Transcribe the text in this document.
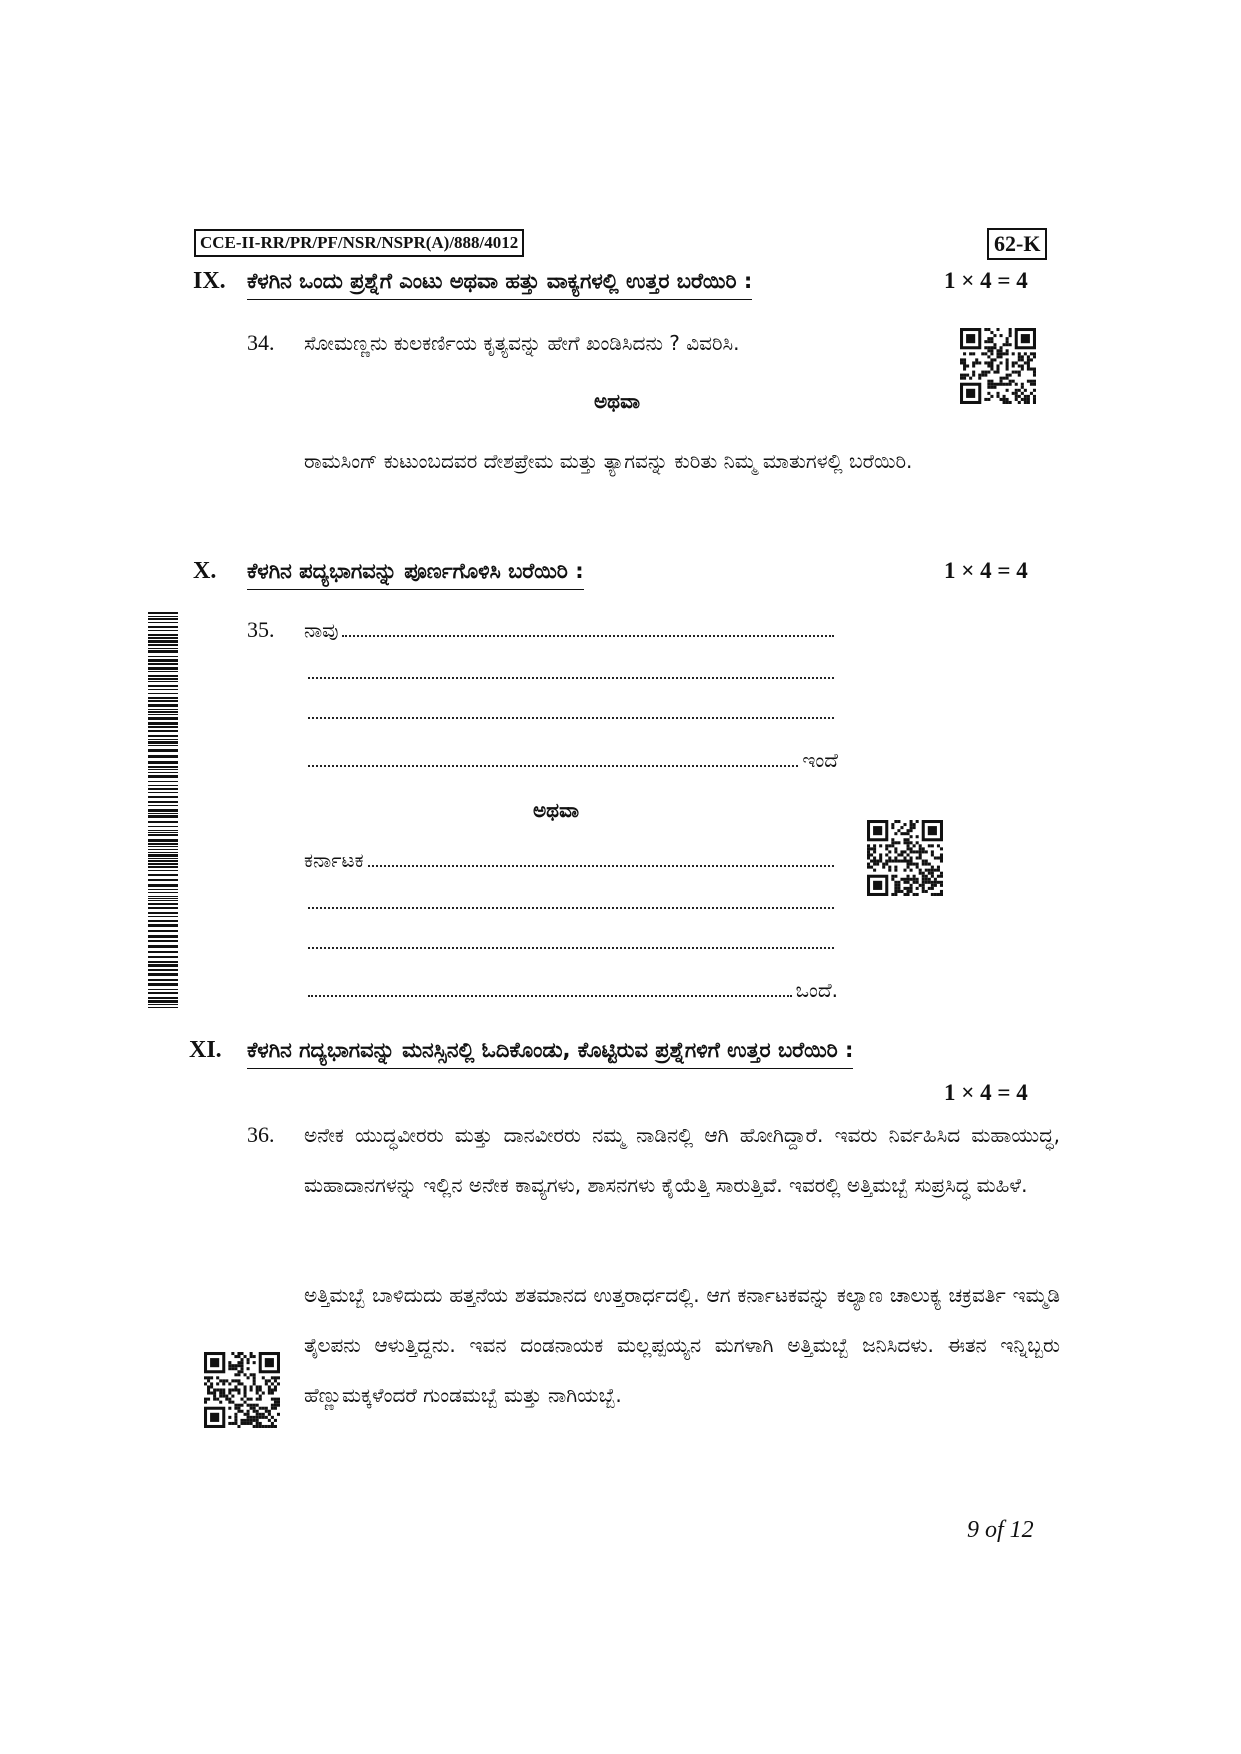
CCE-II-RR/PR/PF/NSR/NSPR(A)/888/4012	62-K
IX. ಕೆಳಗಿನ ಒಂದು ಪ್ರಶ್ನೆಗೆ ಎಂಟು ಅಥವಾ ಹತ್ತು ವಾಕ್ಯಗಳಲ್ಲಿ ಉತ್ತರ ಬರೆಯಿರಿ :	1 × 4 = 4
34. ಸೋಮಣ್ಣನು ಕುಲಕರ್ಣಿಯ ಕೃತ್ಯವನ್ನು ಹೇಗೆ ಖಂಡಿಸಿದನು ? ವಿವರಿಸಿ.
ಅಥವಾ
ರಾಮಸಿಂಗ್ ಕುಟುಂಬದವರ ದೇಶಪ್ರೇಮ ಮತ್ತು ತ್ಯಾಗವನ್ನು ಕುರಿತು ನಿಮ್ಮ ಮಾತುಗಳಲ್ಲಿ ಬರೆಯಿರಿ.
X. ಕೆಳಗಿನ ಪದ್ಯಭಾಗವನ್ನು ಪೂರ್ಣಗೊಳಿಸಿ ಬರೆಯಿರಿ :	1 × 4 = 4
35. ನಾವು
ಇಂದೆ
ಅಥವಾ
ಕರ್ನಾಟಕ
ಒಂದೆ.
XI. ಕೆಳಗಿನ ಗದ್ಯಭಾಗವನ್ನು ಮನಸ್ಸಿನಲ್ಲಿ ಓದಿಕೊಂಡು, ಕೊಟ್ಟಿರುವ ಪ್ರಶ್ನೆಗಳಿಗೆ ಉತ್ತರ ಬರೆಯಿರಿ :
1 × 4 = 4
36. ಅನೇಕ ಯುದ್ಧವೀರರು ಮತ್ತು ದಾನವೀರರು ನಮ್ಮ ನಾಡಿನಲ್ಲಿ ಆಗಿ ಹೋಗಿದ್ದಾರೆ. ಇವರು ನಿರ್ವಹಿಸಿದ ಮಹಾಯುದ್ಧ, ಮಹಾದಾನಗಳನ್ನು ಇಲ್ಲಿನ ಅನೇಕ ಕಾವ್ಯಗಳು, ಶಾಸನಗಳು ಕೈಯೆತ್ತಿ ಸಾರುತ್ತಿವೆ. ಇವರಲ್ಲಿ ಅತ್ತಿಮಬ್ಬೆ ಸುಪ್ರಸಿದ್ಧ ಮಹಿಳೆ.
ಅತ್ತಿಮಬ್ಬೆ ಬಾಳಿದುದು ಹತ್ತನೆಯ ಶತಮಾನದ ಉತ್ತರಾರ್ಧದಲ್ಲಿ. ಆಗ ಕರ್ನಾಟಕವನ್ನು ಕಲ್ಯಾಣ ಚಾಲುಕ್ಯ ಚಕ್ರವರ್ತಿ ಇಮ್ಮಡಿ ತೈಲಪನು ಆಳುತ್ತಿದ್ದನು. ಇವನ ದಂಡನಾಯಕ ಮಲ್ಲಪ್ಪಯ್ಯನ ಮಗಳಾಗಿ ಅತ್ತಿಮಬ್ಬೆ ಜನಿಸಿದಳು. ಈತನ ಇನ್ನಿಬ್ಬರು ಹೆಣ್ಣುಮಕ್ಕಳೆಂದರೆ ಗುಂಡಮಬ್ಬೆ ಮತ್ತು ನಾಗಿಯಬ್ಬೆ.
9 of 12
